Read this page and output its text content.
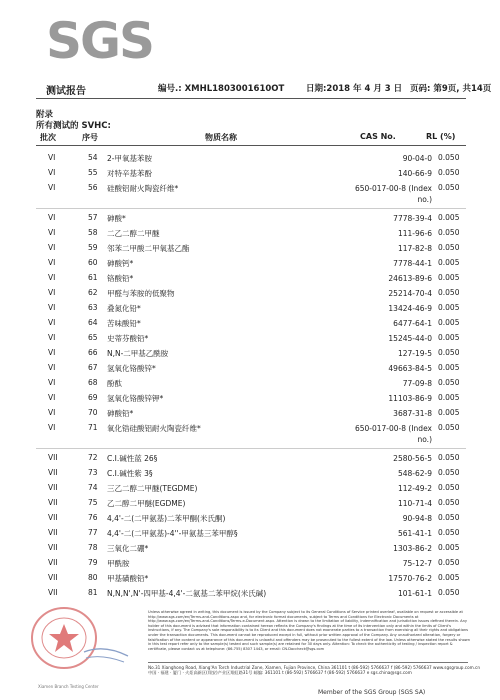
SGS
测试报告	编号.: XMHL1803001610OT	日期:2018 年 4 月 3 日 页码: 第9页, 共14页
附录
所有测试的 SVHC:
批次	序号	物质名称	CAS No.	RL (%)
VI	54 2-甲氧基苯胺	90-04-0 0.050
VI	55 对特辛基苯酚	140-66-9 0.050
VI	56 硅酸铝耐火陶瓷纤维*	650-017-00-8 (Index no.)
0.050
VI	57 砷酸*	7778-39-4 0.005
VI	58 二乙二醇二甲醚	111-96-6 0.050
VI	59 邻苯二甲酸二甲氧基乙酯	117-82-8 0.050
VI	60 砷酸钙*	7778-44-1 0.005
VI	61 铬酸铅*	24613-89-6 0.005
VI	62 甲醛与苯胺的低聚物	25214-70-4 0.050
VI	63 叠氮化铅*	13424-46-9 0.005
VI	64 苦味酸铅*	6477-64-1 0.005
VI	65 史蒂芬酸铅*	15245-44-0 0.005
VI	66 N,N-二甲基乙酰胺	127-19-5 0.050
VI	67 氢氧化铬酸锌*	49663-84-5 0.005
VI	68 酚酞	77-09-8 0.050
VI	69 氢氧化铬酸锌钾*	11103-86-9 0.005
VI	70 砷酸铅*	3687-31-8 0.005
VI	71 氧化锆硅酸铝耐火陶瓷纤维*	650-017-00-8 (Index no.)
0.050
VII	72 C.I.碱性蓝 26§	2580-56-5 0.050
VII	73 C.I.碱性紫 3§	548-62-9 0.050
VII	74 三乙二醇二甲醚(TEGDME)	112-49-2 0.050
VII	75 乙二醇二甲醚(EGDME)	110-71-4 0.050
VII	76 4,4'-二(二甲氨基)二苯甲酮(米氏酮)	90-94-8 0.050
VII	77 4,4'-二(二甲氨基)-4''-甲氨基三苯甲醇§	561-41-1 0.050
VII	78 三氧化二硼*	1303-86-2 0.005
VII	79 甲酰胺	75-12-7 0.050
VII	80 甲基磺酸铅*	17570-76-2 0.005
VII	81 N,N,N',N'-四甲基-4,4'-二氨基二苯甲烷(米氏碱)	101-61-1 0.050
Xiamen Branch Testing Center
Unless otherwise agreed in writing, this document is issued by the Company subject to its General Conditions of Service printed overleaf, available on request or accessible at http://www.sgs.com/en/Terms-and-Conditions.aspx and, for electronic format documents, subject to Terms and Conditions for Electronic Documents at http://www.sgs.com/en/Terms-and-Conditions/Terms-e-Document.aspx. Attention is drawn to the limitation of liability, indemnification and jurisdiction issues defined therein. Any holder of this document is advised that information contained hereon reflects the Company's findings at the time of its intervention only and within the limits of Client's instructions, if any. The Company's sole responsibility is to its Client and this document does not exonerate parties to a transaction from exercising all their rights and obligations under the transaction documents. This document cannot be reproduced except in full, without prior written approval of the Company. Any unauthorized alteration, forgery or falsification of the content or appearance of this document is unlawful and offenders may be prosecuted to the fullest extent of the law. Unless otherwise stated the results shown in this test report refer only to the sample(s) tested and such sample(s) are retained for 30 days only. Attention: To check the authenticity of testing / inspection report & certificate, please contact us at telephone: (86-755) 8307 1443, or email: CN.Doccheck@sgs.com
No.31 Xianghong Road, Xiang'An Torch Industrial Zone, Xiamen, Fujian Province, China 361101 t (86-592) 5766637 f (86-592) 5766637 www.sgsgroup.com.cn
中国 · 福建 · 厦门 · 火炬高新区(翔安)产业区翔虹路31号 邮编: 361101 t (86-592) 5766637 f (86-592) 5766637 e sgs.china@sgs.com
Member of the SGS Group (SGS SA)
